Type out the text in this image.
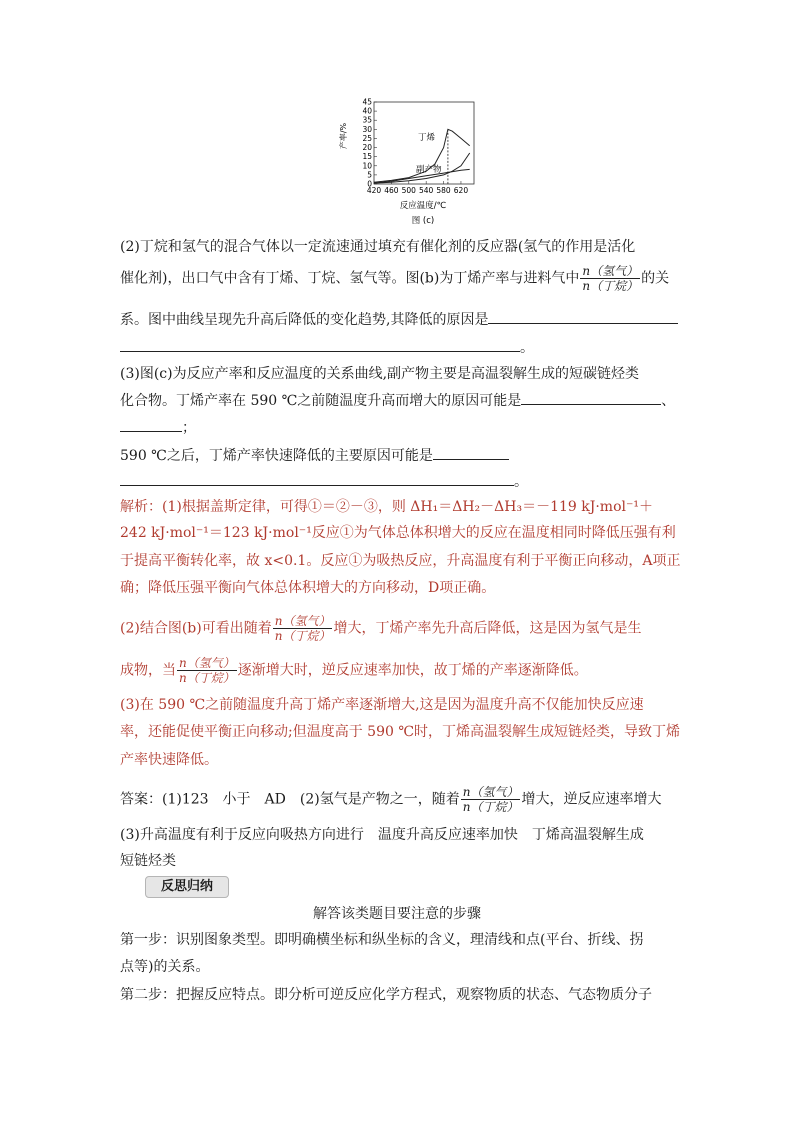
0
5
10
15
20
25
30
35
40
45
420 460 500 540 580 620
产率/%
反应温度/℃
图 (c)
丁烯
副产物
(2)丁烷和氢气的混合气体以一定流速通过填充有催化剂的反应器(氢气的作用是活化
催化剂)，出口气中含有丁烯、丁烷、氢气等。图(b)为丁烯产率与进料气中 $\frac{\text{n（氢气）}}{\text{n（丁烷）}}$ 的关
系。图中曲线呈现先升高后降低的变化趋势,其降低的原因是
。
(3)图(c)为反应产率和反应温度的关系曲线,副产物主要是高温裂解生成的短碳链烃类
化合物。丁烯产率在 590 ℃之前随温度升高而增大的原因可能是	、
；
590 ℃之后，丁烯产率快速降低的主要原因可能是
。
解析：(1)根据盖斯定律，可得①＝②－③，则 ΔH₁＝ΔH₂－ΔH₃＝－119 kJ·mol⁻¹＋
242 kJ·mol⁻¹＝123 kJ·mol⁻¹反应①为气体总体积增大的反应在温度相同时降低压强有利
于提高平衡转化率，故 x<0.1。反应①为吸热反应，升高温度有利于平衡正向移动，A项正
确；降低压强平衡向气体总体积增大的方向移动，D项正确。
(2)结合图(b)可看出随着 $\frac{\text{n（氢气）}}{\text{n（丁烷）}}$ 增大，丁烯产率先升高后降低，这是因为氢气是生
成物，当 $\frac{\text{n（氢气）}}{\text{n（丁烷）}}$ 逐渐增大时，逆反应速率加快，故丁烯的产率逐渐降低。
(3)在 590 ℃之前随温度升高丁烯产率逐渐增大,这是因为温度升高不仅能加快反应速
率，还能促使平衡正向移动;但温度高于 590 ℃时，丁烯高温裂解生成短链烃类，导致丁烯
产率快速降低。
答案：(1)123　小于　AD　(2)氢气是产物之一，随着 $\frac{\text{n（氢气）}}{\text{n（丁烷）}}$ 增大，逆反应速率增大
(3)升高温度有利于反应向吸热方向进行　温度升高反应速率加快　丁烯高温裂解生成
短链烃类
反思归纳
解答该类题目要注意的步骤
第一步：识别图象类型。即明确横坐标和纵坐标的含义，理清线和点(平台、折线、拐
点等)的关系。
第二步：把握反应特点。即分析可逆反应化学方程式，观察物质的状态、气态物质分子
